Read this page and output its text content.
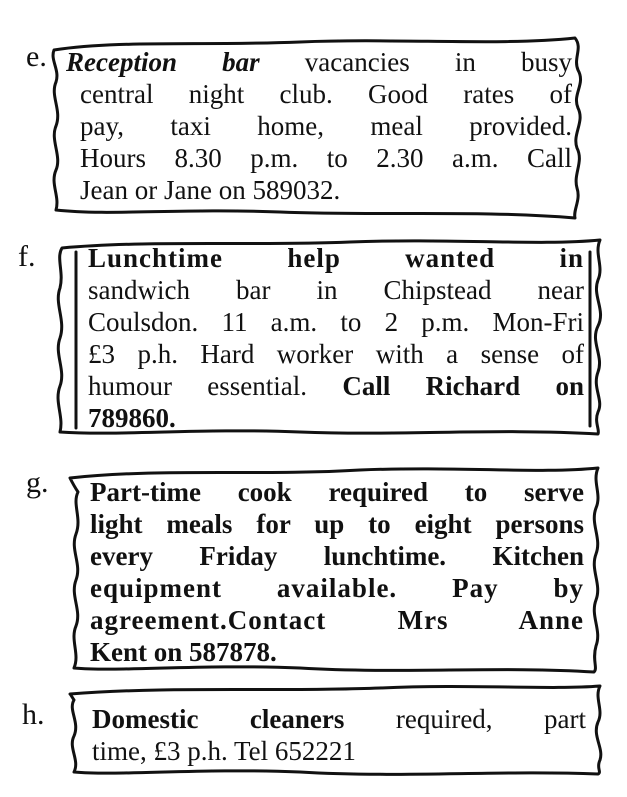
e. Reception bar vacancies in busy
central night club. Good rates of
pay, taxi home, meal provided.
Hours 8.30 p.m. to 2.30 a.m. Call
Jean or Jane on 589032.
f. Lunchtime help wanted in
sandwich bar in Chipstead near
Coulsdon. 11 a.m. to 2 p.m. Mon-Fri
£3 p.h. Hard worker with a sense of
humour essential. Call Richard on
789860.
g. Part-time cook required to serve
light meals for up to eight persons
every Friday lunchtime. Kitchen
equipment available. Pay by
agreement.Contact Mrs Anne
Kent on 587878.
h. Domestic cleaners required, part
time, £3 p.h. Tel 652221
